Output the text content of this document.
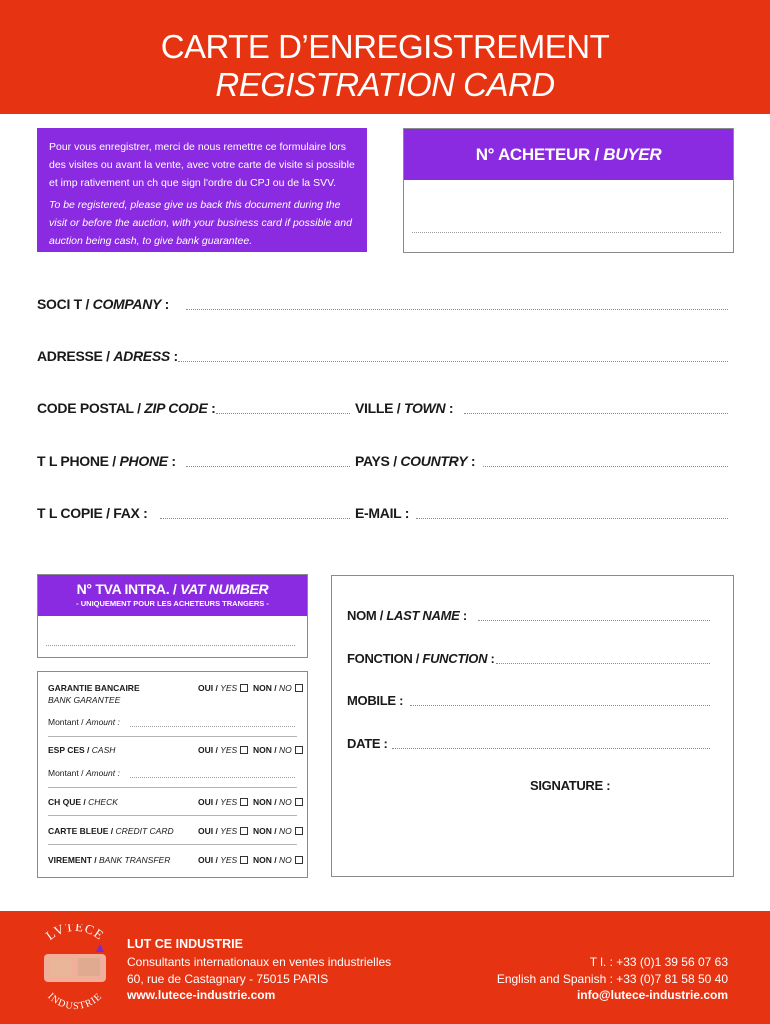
CARTE D’ENREGISTREMENT
REGISTRATION CARD

Pour vous enregistrer, merci de nous remettre ce formulaire lors des visites ou avant la vente, avec votre carte de visite si possible et imp rativement un ch que sign l'ordre du CPJ ou de la SVV.

To be registered, please give us back this document during the visit or before the auction, with your business card if possible and auction being cash, to give bank guarantee.

N° ACHETEUR /
BUYER
SOCI T / COMPANY :
ADRESSE / ADRESS :
CODE POSTAL / ZIP CODE :	VILLE / TOWN :
T L PHONE / PHONE :	PAYS / COUNTRY :
T L COPIE / FAX :	E-MAIL :
N° TVA INTRA. / VAT NUMBER
- UNIQUEMENT POUR LES ACHETEURS TRANGERS -
GARANTIE BANCAIRE
BANK GARANTEE
OUI / YES	NON / NO
Montant / Amount :
ESP CES / CASH	OUI / YES	NON / NO
Montant / Amount :
CH QUE / CHECK	OUI / YES	NON / NO
CARTE BLEUE / CREDIT CARD	OUI / YES	NON / NO
VIREMENT / BANK TRANSFER	OUI / YES	NON / NO
NOM / LAST NAME :
FONCTION / FUNCTION :
MOBILE :
DATE :
SIGNATURE :
LVTECE
INDUSTRIE
LUT CE INDUSTRIE
Consultants internationaux en ventes industrielles
60, rue de Castagnary - 75015 PARIS
www.lutece-industrie.com
T l. : +33 (0)1 39 56 07 63
English and Spanish : +33 (0)7 81 58 50 40
info@lutece-industrie.com
